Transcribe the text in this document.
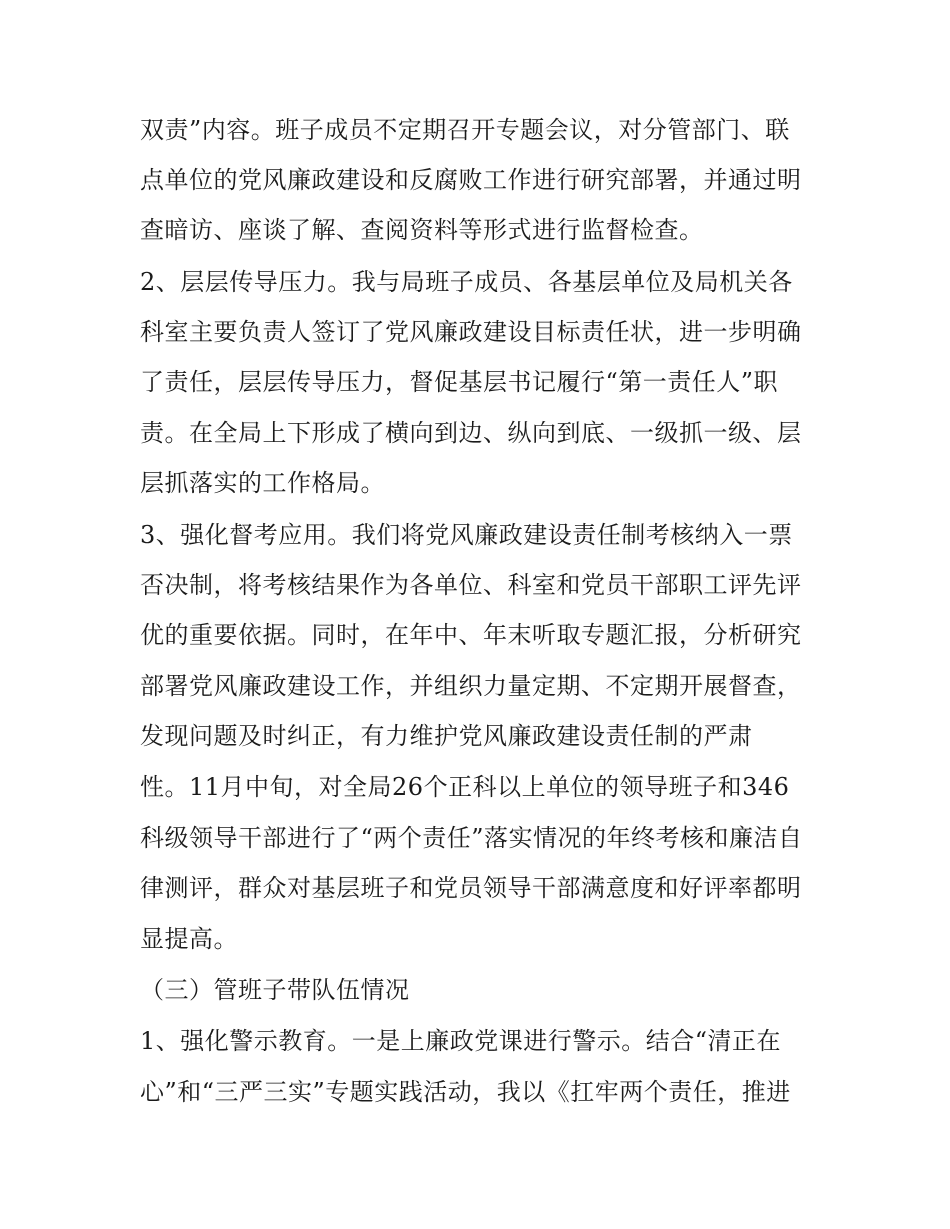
双责”内容。班子成员不定期召开专题会议，对分管部门、联
点单位的党风廉政建设和反腐败工作进行研究部署，并通过明
查暗访、座谈了解、查阅资料等形式进行监督检查。
2、层层传导压力。我与局班子成员、各基层单位及局机关各
科室主要负责人签订了党风廉政建设目标责任状，进一步明确
了责任，层层传导压力，督促基层书记履行“第一责任人”职
责。在全局上下形成了横向到边、纵向到底、一级抓一级、层
层抓落实的工作格局。
3、强化督考应用。我们将党风廉政建设责任制考核纳入一票
否决制，将考核结果作为各单位、科室和党员干部职工评先评
优的重要依据。同时，在年中、年末听取专题汇报，分析研究
部署党风廉政建设工作，并组织力量定期、不定期开展督查，
发现问题及时纠正，有力维护党风廉政建设责任制的严肃
性。11月中旬，对全局26个正科以上单位的领导班子和346
科级领导干部进行了“两个责任”落实情况的年终考核和廉洁自
律测评，群众对基层班子和党员领导干部满意度和好评率都明
显提高。
（三）管班子带队伍情况
1、强化警示教育。一是上廉政党课进行警示。结合“清正在
心”和“三严三实”专题实践活动，我以《扛牢两个责任，推进
